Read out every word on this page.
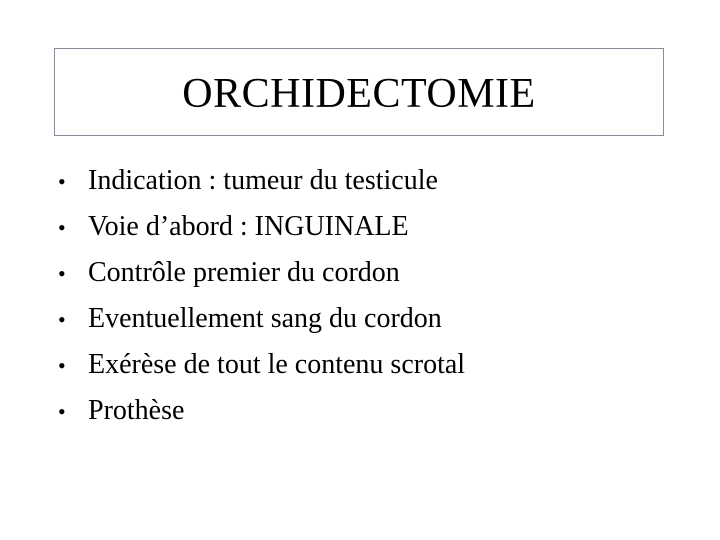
ORCHIDECTOMIE
• Indication : tumeur du testicule
• Voie d’abord : INGUINALE
• Contrôle premier du cordon
• Eventuellement sang du cordon
• Exérèse de tout le contenu scrotal
• Prothèse
